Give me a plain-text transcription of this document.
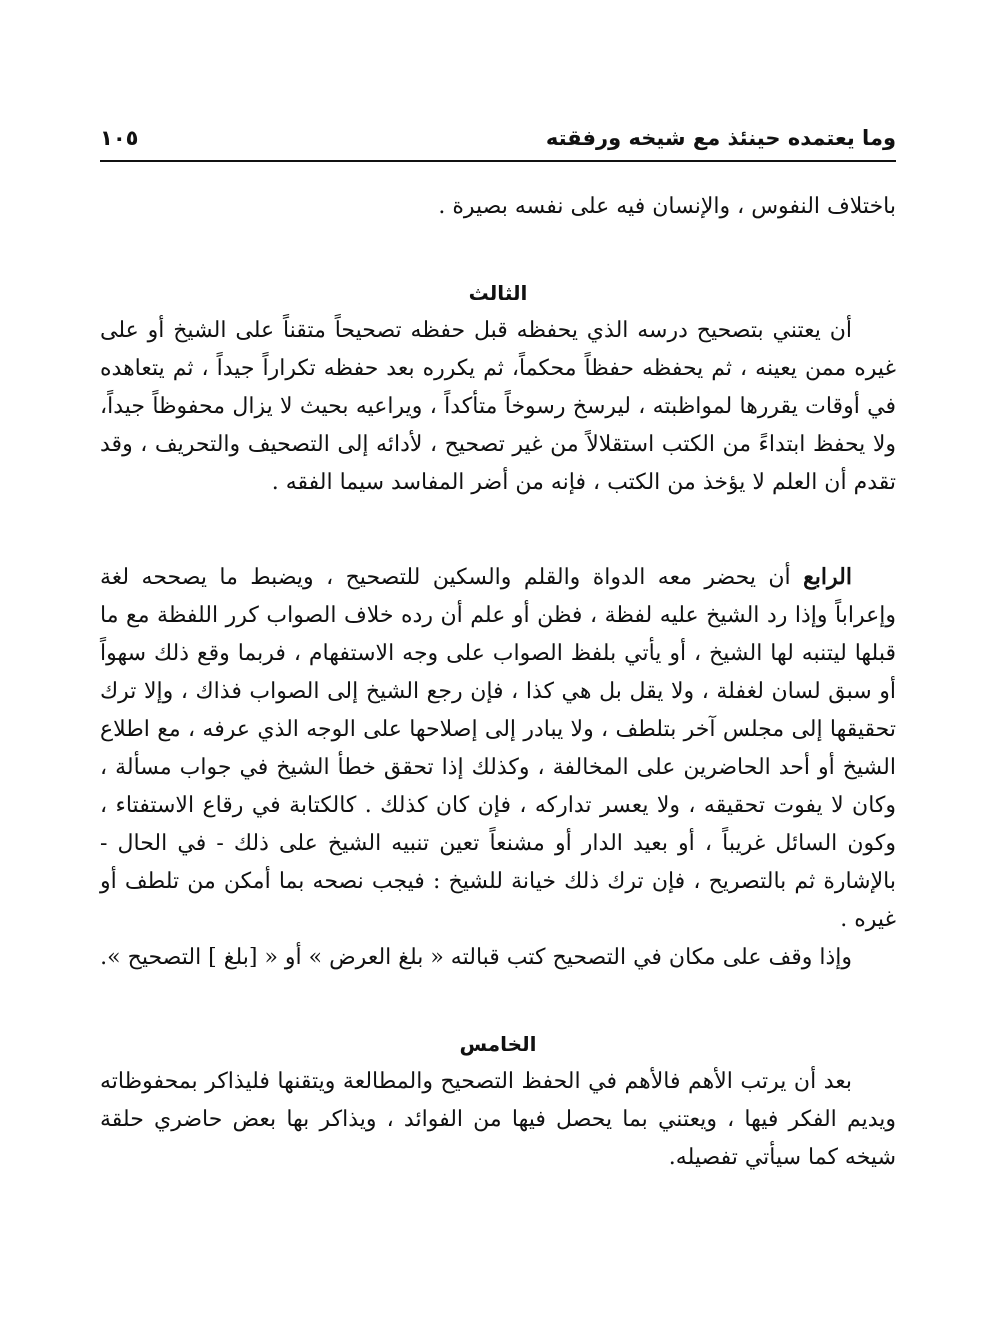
وما يعتمده حينئذ مع شيخه ورفقته
١٠٥

باختلاف النفوس ، والإنسان فيه على نفسه بصيرة .

الثالث

أن يعتني بتصحيح درسه الذي يحفظه قبل حفظه تصحيحاً متقناً على الشيخ أو على غيره ممن يعينه ، ثم يحفظه حفظاً محكماً، ثم يكرره بعد حفظه تكراراً جيداً ، ثم يتعاهده في أوقات يقررها لمواظبته ، ليرسخ رسوخاً متأكداً ، ويراعيه بحيث لا يزال محفوظاً جيداً، ولا يحفظ ابتداءً من الكتب استقلالاً من غير تصحيح ، لأدائه إلى التصحيف والتحريف ، وقد تقدم أن العلم لا يؤخذ من الكتب ، فإنه من أضر المفاسد سيما الفقه .

الرابع أن يحضر معه الدواة والقلم والسكين للتصحيح ، ويضبط ما يصححه لغة وإعراباً وإذا رد الشيخ عليه لفظة ، فظن أو علم أن رده خلاف الصواب كرر اللفظة مع ما قبلها ليتنبه لها الشيخ ، أو يأتي بلفظ الصواب على وجه الاستفهام ، فربما وقع ذلك سهواً أو سبق لسان لغفلة ، ولا يقل بل هي كذا ، فإن رجع الشيخ إلى الصواب فذاك ، وإلا ترك تحقيقها إلى مجلس آخر بتلطف ، ولا يبادر إلى إصلاحها على الوجه الذي عرفه ، مع اطلاع الشيخ أو أحد الحاضرين على المخالفة ، وكذلك إذا تحقق خطأ الشيخ في جواب مسألة ، وكان لا يفوت تحقيقه ، ولا يعسر تداركه ، فإن كان كذلك . كالكتابة في رقاع الاستفتاء ، وكون السائل غريباً ، أو بعيد الدار أو مشنعاً تعين تنبيه الشيخ على ذلك - في الحال - بالإشارة ثم بالتصريح ، فإن ترك ذلك خيانة للشيخ : فيجب نصحه بما أمكن من تلطف أو غيره .

وإذا وقف على مكان في التصحيح كتب قبالته « بلغ العرض » أو « [بلغ ] التصحيح ».

الخامس

بعد أن يرتب الأهم فالأهم في الحفظ التصحيح والمطالعة ويتقنها فليذاكر بمحفوظاته ويديم الفكر فيها ، ويعتني بما يحصل فيها من الفوائد ، ويذاكر بها بعض حاضري حلقة شيخه كما سيأتي تفصيله.
